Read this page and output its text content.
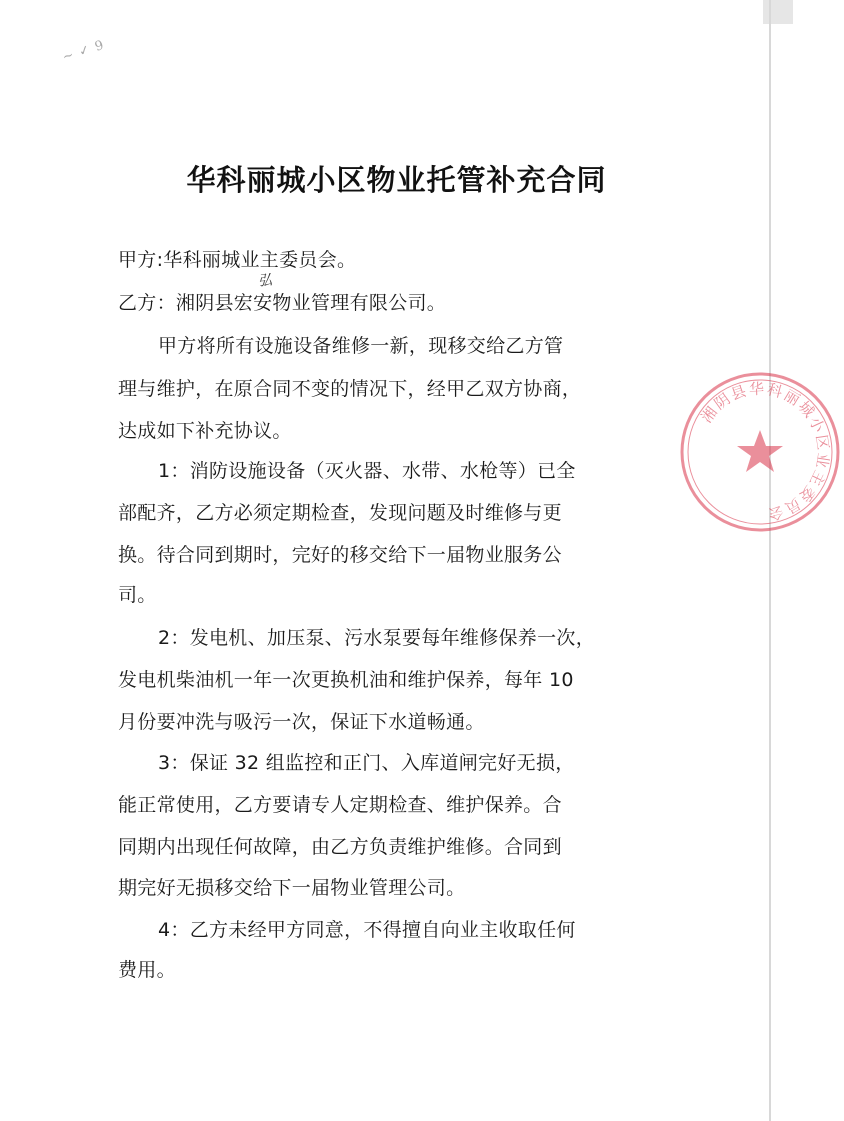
~ ✓ 9
华科丽城小区物业托管补充合同
甲方:华科丽城业主委员会。
弘
乙方：湘阴县宏安物业管理有限公司。
甲方将所有设施设备维修一新，现移交给乙方管
理与维护，在原合同不变的情况下，经甲乙双方协商，
达成如下补充协议。
1：消防设施设备（灭火器、水带、水枪等）已全
部配齐，乙方必须定期检查，发现问题及时维修与更
换。待合同到期时，完好的移交给下一届物业服务公
司。
2：发电机、加压泵、污水泵要每年维修保养一次，
发电机柴油机一年一次更换机油和维护保养，每年 10
月份要冲洗与吸污一次，保证下水道畅通。
3：保证 32 组监控和正门、入库道闸完好无损，
能正常使用，乙方要请专人定期检查、维护保养。合
同期内出现任何故障，由乙方负责维护维修。合同到
期完好无损移交给下一届物业管理公司。
4：乙方未经甲方同意，不得擅自向业主收取任何
费用。
湘阴县华科丽城小区业主委员会
